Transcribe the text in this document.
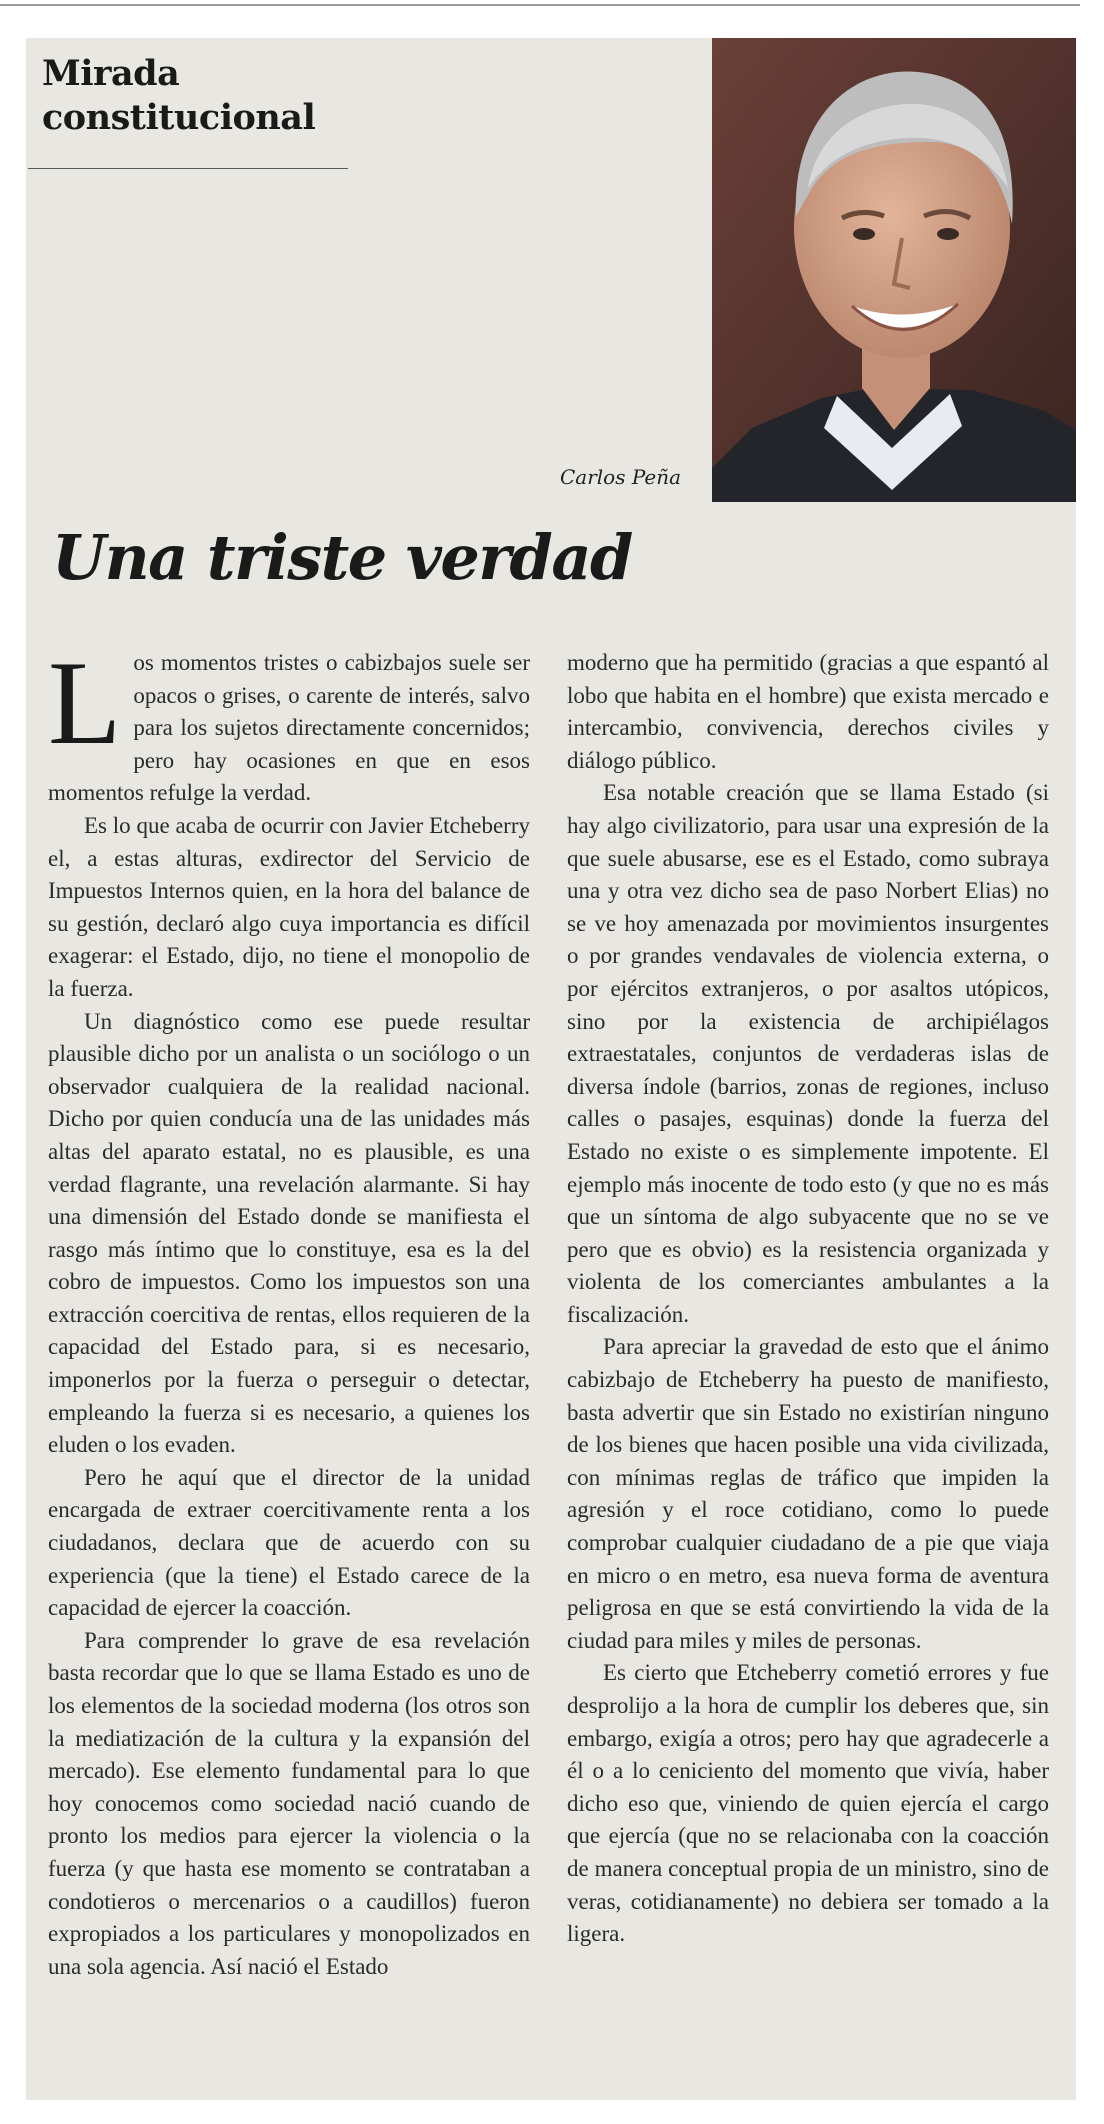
Mirada
constitucional
Carlos Peña
Una triste verdad

Los momentos tristes o cabizbajos suele ser opacos o grises, o carente de interés, salvo para los sujetos directamente concernidos; pero hay ocasiones en que en esos momentos refulge la verdad.

Es lo que acaba de ocurrir con Javier Etcheberry el, a estas alturas, exdirector del Servicio de Impuestos Internos quien, en la hora del balance de su gestión, declaró algo cuya importancia es difícil exagerar: el Estado, dijo, no tiene el monopolio de la fuerza.

Un diagnóstico como ese puede resultar plausible dicho por un analista o un sociólogo o un observador cualquiera de la realidad nacional. Dicho por quien conducía una de las unidades más altas del aparato estatal, no es plausible, es una verdad flagrante, una revelación alarmante. Si hay una dimensión del Estado donde se manifiesta el rasgo más íntimo que lo constituye, esa es la del cobro de impuestos. Como los impuestos son una extracción coercitiva de rentas, ellos requieren de la capacidad del Estado para, si es necesario, imponerlos por la fuerza o perseguir o detectar, empleando la fuerza si es necesario, a quienes los eluden o los evaden.

Pero he aquí que el director de la unidad encargada de extraer coercitivamente renta a los ciudadanos, declara que de acuerdo con su experiencia (que la tiene) el Estado carece de la capacidad de ejercer la coacción.

Para comprender lo grave de esa revelación basta recordar que lo que se llama Estado es uno de los elementos de la sociedad moderna (los otros son la mediatización de la cultura y la expansión del mercado). Ese elemento fundamental para lo que hoy conocemos como sociedad nació cuando de pronto los medios para ejercer la violencia o la fuerza (y que hasta ese momento se contrataban a condotieros o mercenarios o a caudillos) fueron expropiados a los particulares y monopolizados en una sola agencia. Así nació el Estado

moderno que ha permitido (gracias a que espantó al lobo que habita en el hombre) que exista mercado e intercambio, convivencia, derechos civiles y diálogo público.

Esa notable creación que se llama Estado (si hay algo civilizatorio, para usar una expresión de la que suele abusarse, ese es el Estado, como subraya una y otra vez dicho sea de paso Norbert Elias) no se ve hoy amenazada por movimientos insurgentes o por grandes vendavales de violencia externa, o por ejércitos extranjeros, o por asaltos utópicos, sino por la existencia de archipiélagos extraestatales, conjuntos de verdaderas islas de diversa índole (barrios, zonas de regiones, incluso calles o pasajes, esquinas) donde la fuerza del Estado no existe o es simplemente impotente. El ejemplo más inocente de todo esto (y que no es más que un síntoma de algo subyacente que no se ve pero que es obvio) es la resistencia organizada y violenta de los comerciantes ambulantes a la fiscalización.

Para apreciar la gravedad de esto que el ánimo cabizbajo de Etcheberry ha puesto de manifiesto, basta advertir que sin Estado no existirían ninguno de los bienes que hacen posible una vida civilizada, con mínimas reglas de tráfico que impiden la agresión y el roce cotidiano, como lo puede comprobar cualquier ciudadano de a pie que viaja en micro o en metro, esa nueva forma de aventura peligrosa en que se está convirtiendo la vida de la ciudad para miles y miles de personas.

Es cierto que Etcheberry cometió errores y fue desprolijo a la hora de cumplir los deberes que, sin embargo, exigía a otros; pero hay que agradecerle a él o a lo ceniciento del momento que vivía, haber dicho eso que, viniendo de quien ejercía el cargo que ejercía (que no se relacionaba con la coacción de manera conceptual propia de un ministro, sino de veras, cotidianamente) no debiera ser tomado a la ligera.
